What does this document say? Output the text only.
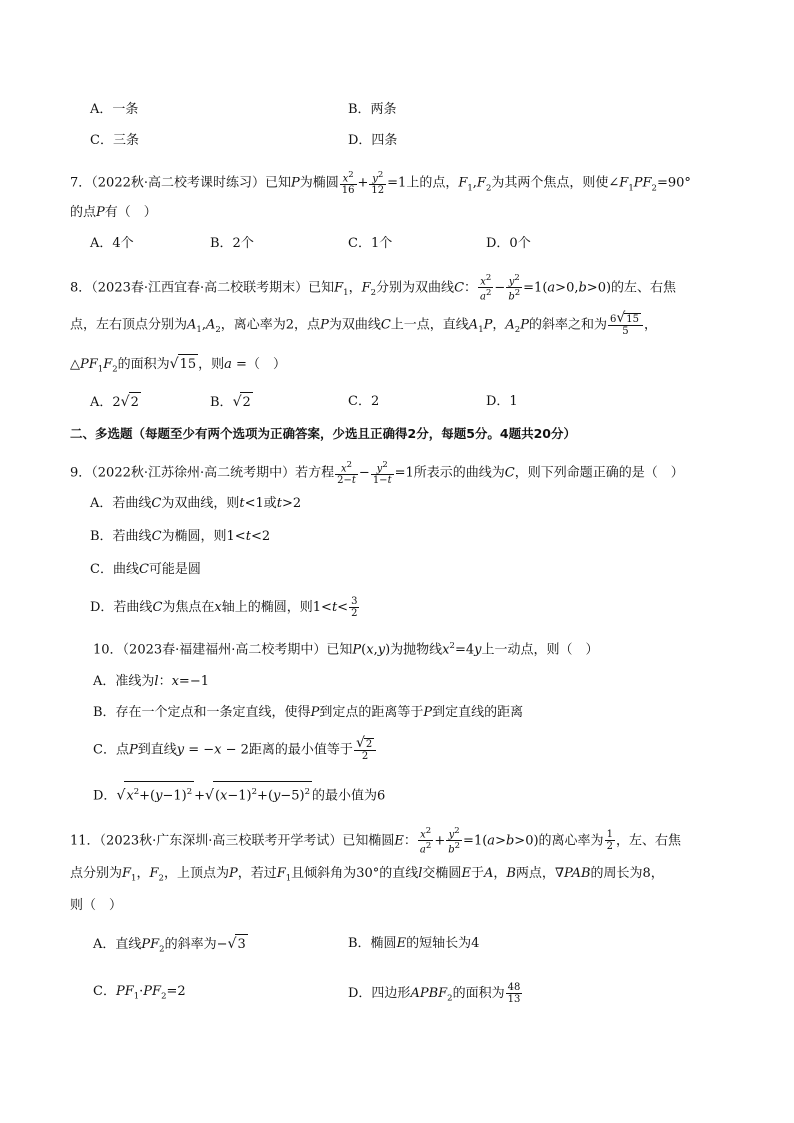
A．一条	B．两条
C．三条	D．四条
7．（2022秋·高二校考课时练习）已知P为椭圆 $\frac{x^2}{16} + \frac{y^2}{12} =1$上的点，$F_1,F_2$为其两个焦点，则使$\angle F_1PF_2=90^\circ$
的点P有（　）
A．4个	B．2个	C．1个	D．0个
8．（2023春·江西宜春·高二校联考期末）已知$F_1$，$F_2$分别为双曲线C： $\frac{x^2}{a^2} - \frac{y^2}{b^2} =1(a>0,b>0)$的左、右焦
点，左右顶点分别为$A_1,A_2$，离心率为2，点P为双曲线C上一点，直线$A_1P$，$A_2P$的斜率之和为 $\frac{6√15}{5}$ ，
$\triangle PF_1F_2$的面积为√15 ，则a =（　）
A．2√2	B．√2	C．2	D．1
二、多选题（每题至少有两个选项为正确答案，少选且正确得2分，每题5分。4题共20分）
9．（2022秋·江苏徐州·高二统考期中）若方程 $\frac{x^2}{2-t} - \frac{y^2}{1-t} =1$所表示的曲线为C，则下列命题正确的是（　）
A．若曲线C为双曲线，则t<1或t>2
B．若曲线C为椭圆，则1<t<2
C．曲线C可能是圆
D．若曲线C为焦点在x轴上的椭圆，则$1<t< \frac{3}{2}$
10．（2023春·福建福州·高二校考期中）已知P(x,y)为抛物线$x^2=4y$上一动点，则（　）
A．准线为l：x=−1
B．存在一个定点和一条定直线，使得P到定点的距离等于P到定直线的距离
C．点P到直线y = −x − 2距离的最小值等于 $\frac{√2}{2}$
D．$√x^2+(y-1)^2 +√(x-1)^2+(y-5)^2$ 的最小值为6
11．（2023秋·广东深圳·高三校联考开学考试）已知椭圆E： $\frac{x^2}{a^2} + \frac{y^2}{b^2} =1(a>b>0)$的离心率为 $\frac{1}{2}$ ，左、右焦
点分别为$F_1$，$F_2$，上顶点为P，若过$F_1$且倾斜角为30°的直线l交椭圆E于A，B两点，∇PAB的周长为8，
则（　）
A．直线$PF_2$的斜率为−√3	B．椭圆E的短轴长为4
C．$PF_1\cdot PF_2=2$	D．四边形$APBF_2$的面积为 $\frac{48}{13}$
